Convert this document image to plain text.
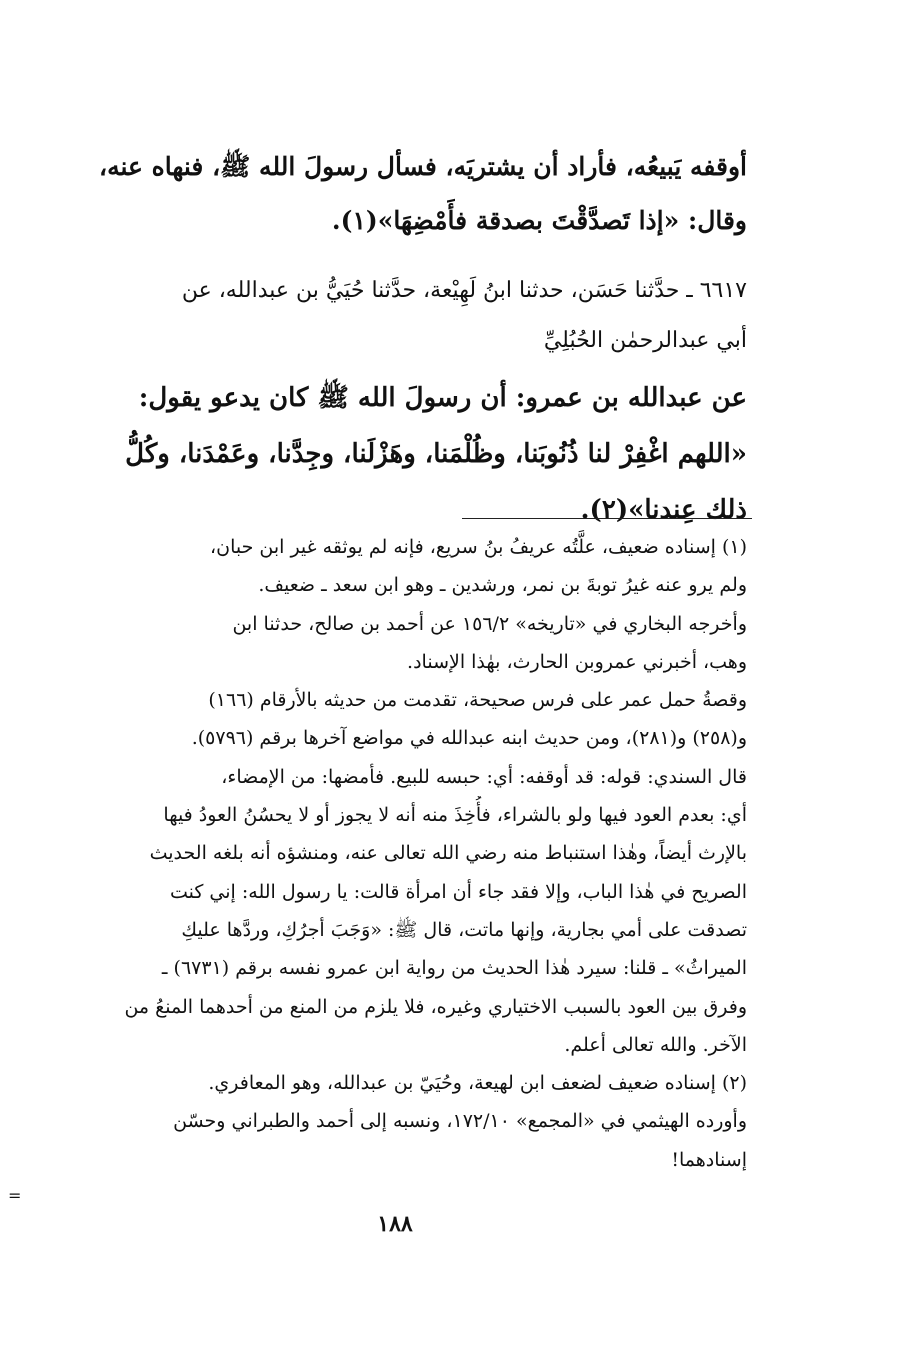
أوقفه يَبيعُه، فأراد أن يشتريَه، فسأل رسولَ الله ﷺ، فنهاه عنه،
وقال: «إذا تَصدَّقْتَ بصدقة فأَمْضِهَا»(١).
٦٦١٧ ـ حدَّثنا حَسَن، حدثنا ابنُ لَهِيْعة، حدَّثنا حُيَيُّ بن عبدالله، عن
أبي عبدالرحمٰن الحُبُلِيِّ
عن عبدالله بن عمرو: أن رسولَ الله ﷺ كان يدعو يقول:
«اللهم اغْفِرْ لنا ذُنُوبَنا، وظُلْمَنا، وهَزْلَنا، وجِدَّنا، وعَمْدَنا، وكُلُّ
ذلك عِندنا»(٢).
(١) إسناده ضعيف، علَّتُه عريفُ بنُ سريع، فإنه لم يوثقه غير ابن حبان،
ولم يرو عنه غيرُ توبةَ بن نمر، ورشدين ـ وهو ابن سعد ـ ضعيف.
وأخرجه البخاري في «تاريخه» ١٥٦/٢ عن أحمد بن صالح، حدثنا ابن
وهب، أخبرني عمروبن الحارث، بهٰذا الإسناد.
وقصةُ حمل عمر على فرس صحيحة، تقدمت من حديثه بالأرقام (١٦٦)
و(٢٥٨) و(٢٨١)، ومن حديث ابنه عبدالله في مواضع آخرها برقم (٥٧٩٦).
قال السندي: قوله: قد أوقفه: أي: حبسه للبيع. فأمضها: من الإمضاء،
أي: بعدم العود فيها ولو بالشراء، فأُخِذَ منه أنه لا يجوز أو لا يحسُنُ العودُ فيها
بالإرث أيضاً، وهٰذا استنباط منه رضي الله تعالى عنه، ومنشؤه أنه بلغه الحديث
الصريح في هٰذا الباب، وإلا فقد جاء أن امرأة قالت: يا رسول الله: إني كنت
تصدقت على أمي بجارية، وإنها ماتت، قال ﷺ: «وَجَبَ أجرُكِ، وردَّها عليكِ
الميراثُ» ـ قلنا: سيرد هٰذا الحديث من رواية ابن عمرو نفسه برقم (٦٧٣١) ـ
وفرق بين العود بالسبب الاختياري وغيره، فلا يلزم من المنع من أحدهما المنعُ من
الآخر. والله تعالى أعلم.
(٢) إسناده ضعيف لضعف ابن لهيعة، وحُيَيّ بن عبدالله، وهو المعافري.
وأورده الهيثمي في «المجمع» ١٧٢/١٠، ونسبه إلى أحمد والطبراني وحسّن
إسنادهما!
=
١٨٨
